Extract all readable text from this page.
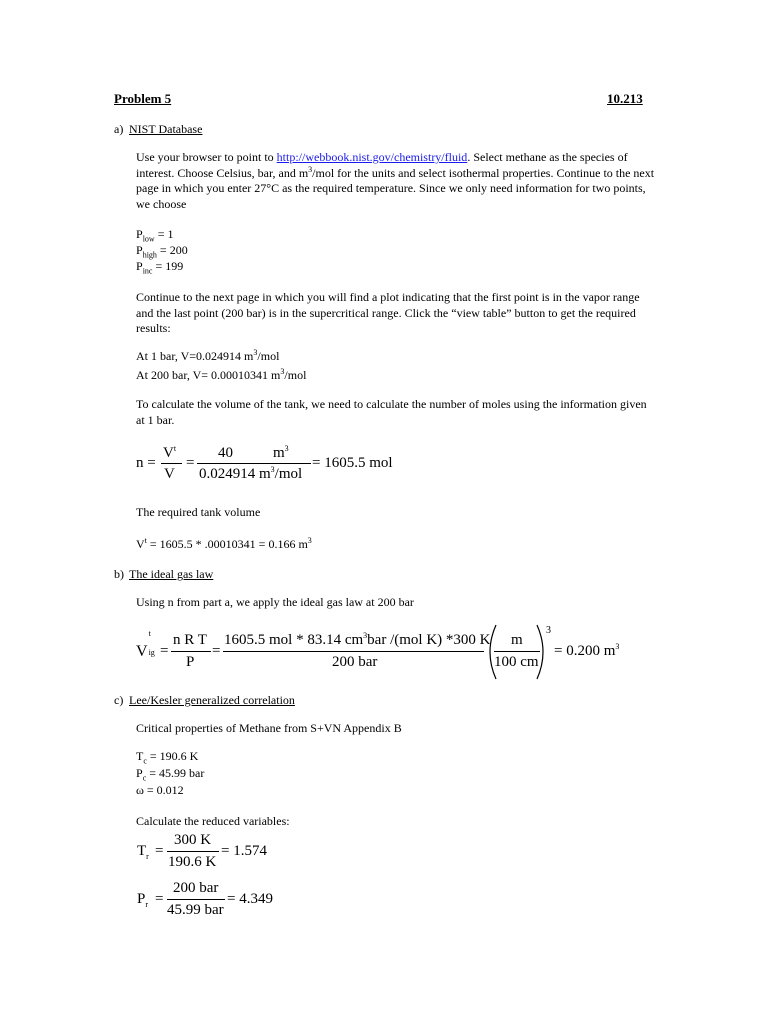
Problem 5	10.213
a) NIST Database
Use your browser to point to http://webbook.nist.gov/chemistry/fluid. Select methane as the species of interest. Choose Celsius, bar, and $m^3$/mol for the units and select isothermal properties. Continue to the next page in which you enter 27°C as the required temperature. Since we only need information for two points, we choose
$P_{low} = 1$
$P_{high} = 200$
$P_{inc} = 199$
Continue to the next page in which you will find a plot indicating that the first point is in the vapor range and the last point (200 bar) is in the supercritical range. Click the “view table” button to get the required results:
At 1 bar, V=0.024914 $m^3$/mol
At 200 bar, V= 0.00010341 $m^3$/mol
To calculate the volume of the tank, we need to calculate the number of moles using the information given at 1 bar.
n =
$V^t$
V
=
40
0.024914 $m^3$/mol
$m^3$
= 1605.5 mol
The required tank volume
$V^t = 1605.5 * .00010341 = 0.166$ $m^3$
b) The ideal gas law
Using n from part a, we apply the ideal gas law at 200 bar
V
t
ig =
n R T
P
=
1605.5 mol * 83.14 $cm^3bar$ /(mol K) *300 K
200 bar
m
100 cm
3
= 0.200 $m^3$
c) Lee/Kesler generalized correlation
Critical properties of Methane from S+VN Appendix B
$T_c = 190.6$ K
$P_c = 45.99$ bar
ω = 0.012
Calculate the reduced variables:
$T_r$ =
300 K
190.6 K
= 1.574
$P_r$ =
200 bar
45.99 bar
= 4.349
